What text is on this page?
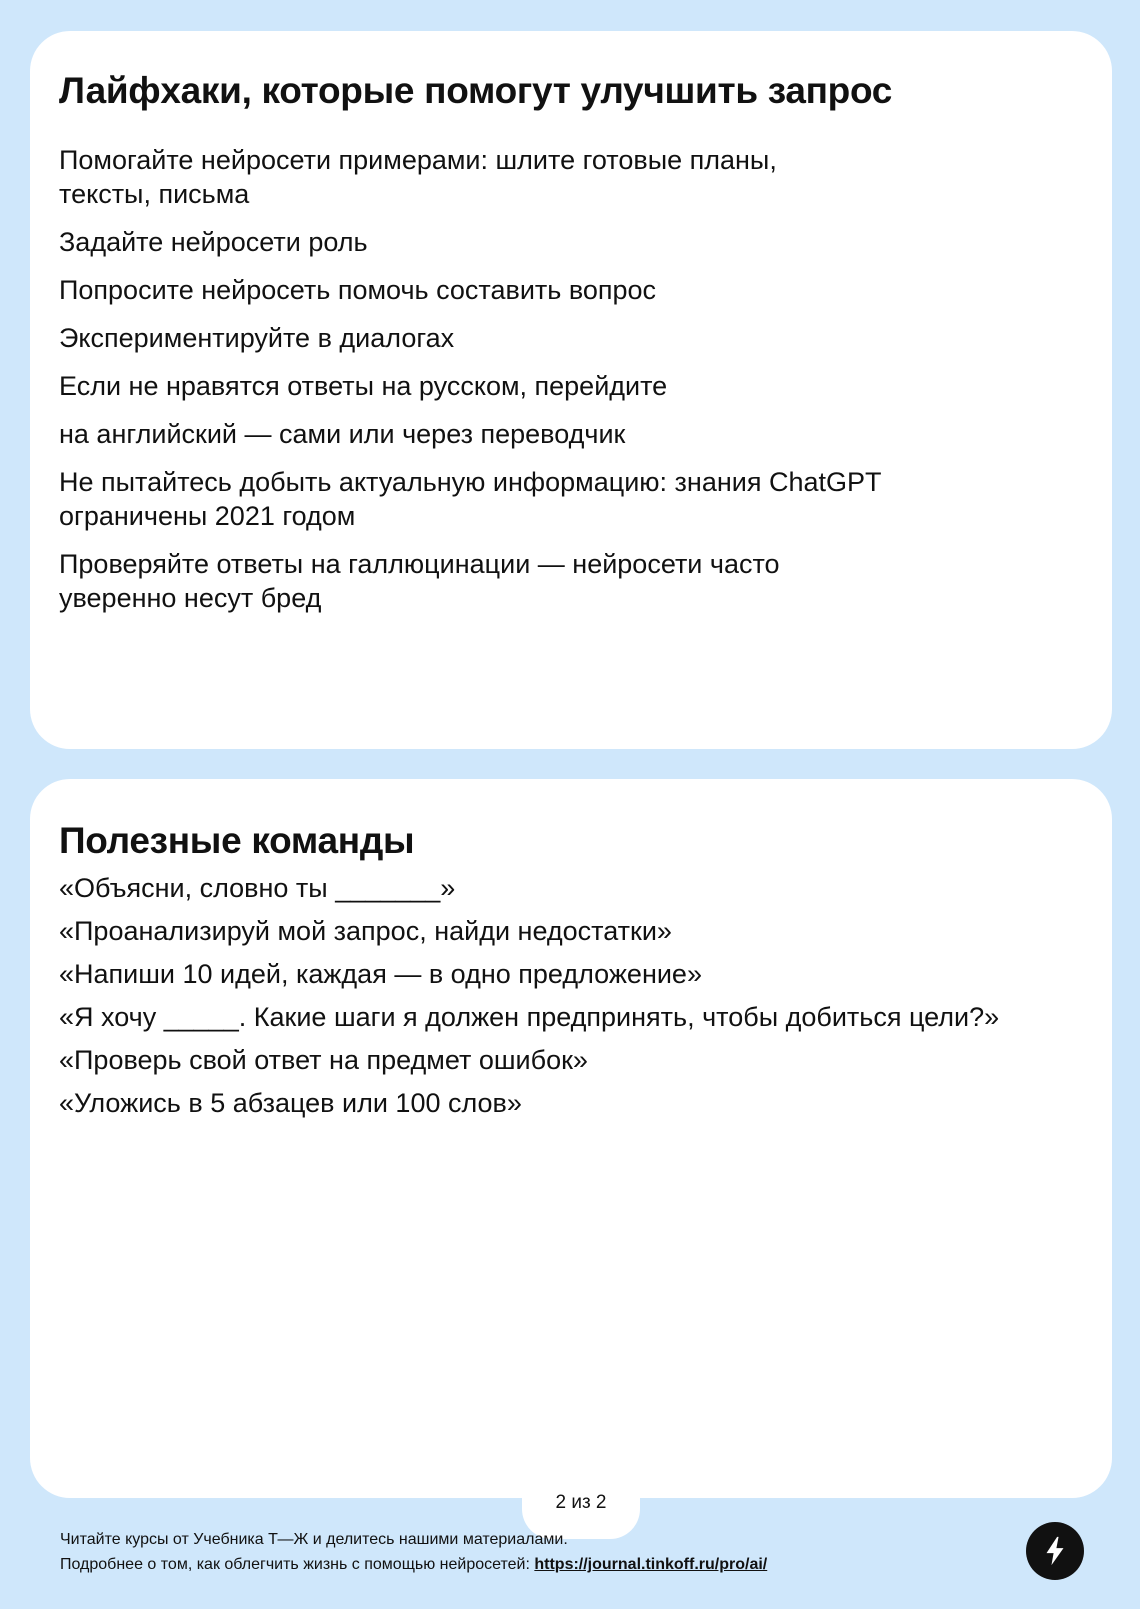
Лайфхаки, которые помогут улучшить запрос
Помогайте нейросети примерами: шлите готовые планы,
тексты, письма
Задайте нейросети роль
Попросите нейросеть помочь составить вопрос
Экспериментируйте в диалогах
Если не нравятся ответы на русском, перейдите
на английский — сами или через переводчик
Не пытайтесь добыть актуальную информацию: знания ChatGPT
ограничены 2021 годом
Проверяйте ответы на галлюцинации — нейросети часто
уверенно несут бред
Полезные команды
«Объясни, словно ты _______»
«Проанализируй мой запрос, найди недостатки»
«Напиши 10 идей, каждая — в одно предложение»
«Я хочу _____. Какие шаги я должен предпринять, чтобы добиться цели?»
«Проверь свой ответ на предмет ошибок»
«Уложись в 5 абзацев или 100 слов»
2 из 2
Читайте курсы от Учебника Т—Ж и делитесь нашими материалами.
Подробнее о том, как облегчить жизнь с помощью нейросетей: https://journal.tinkoff.ru/pro/ai/
